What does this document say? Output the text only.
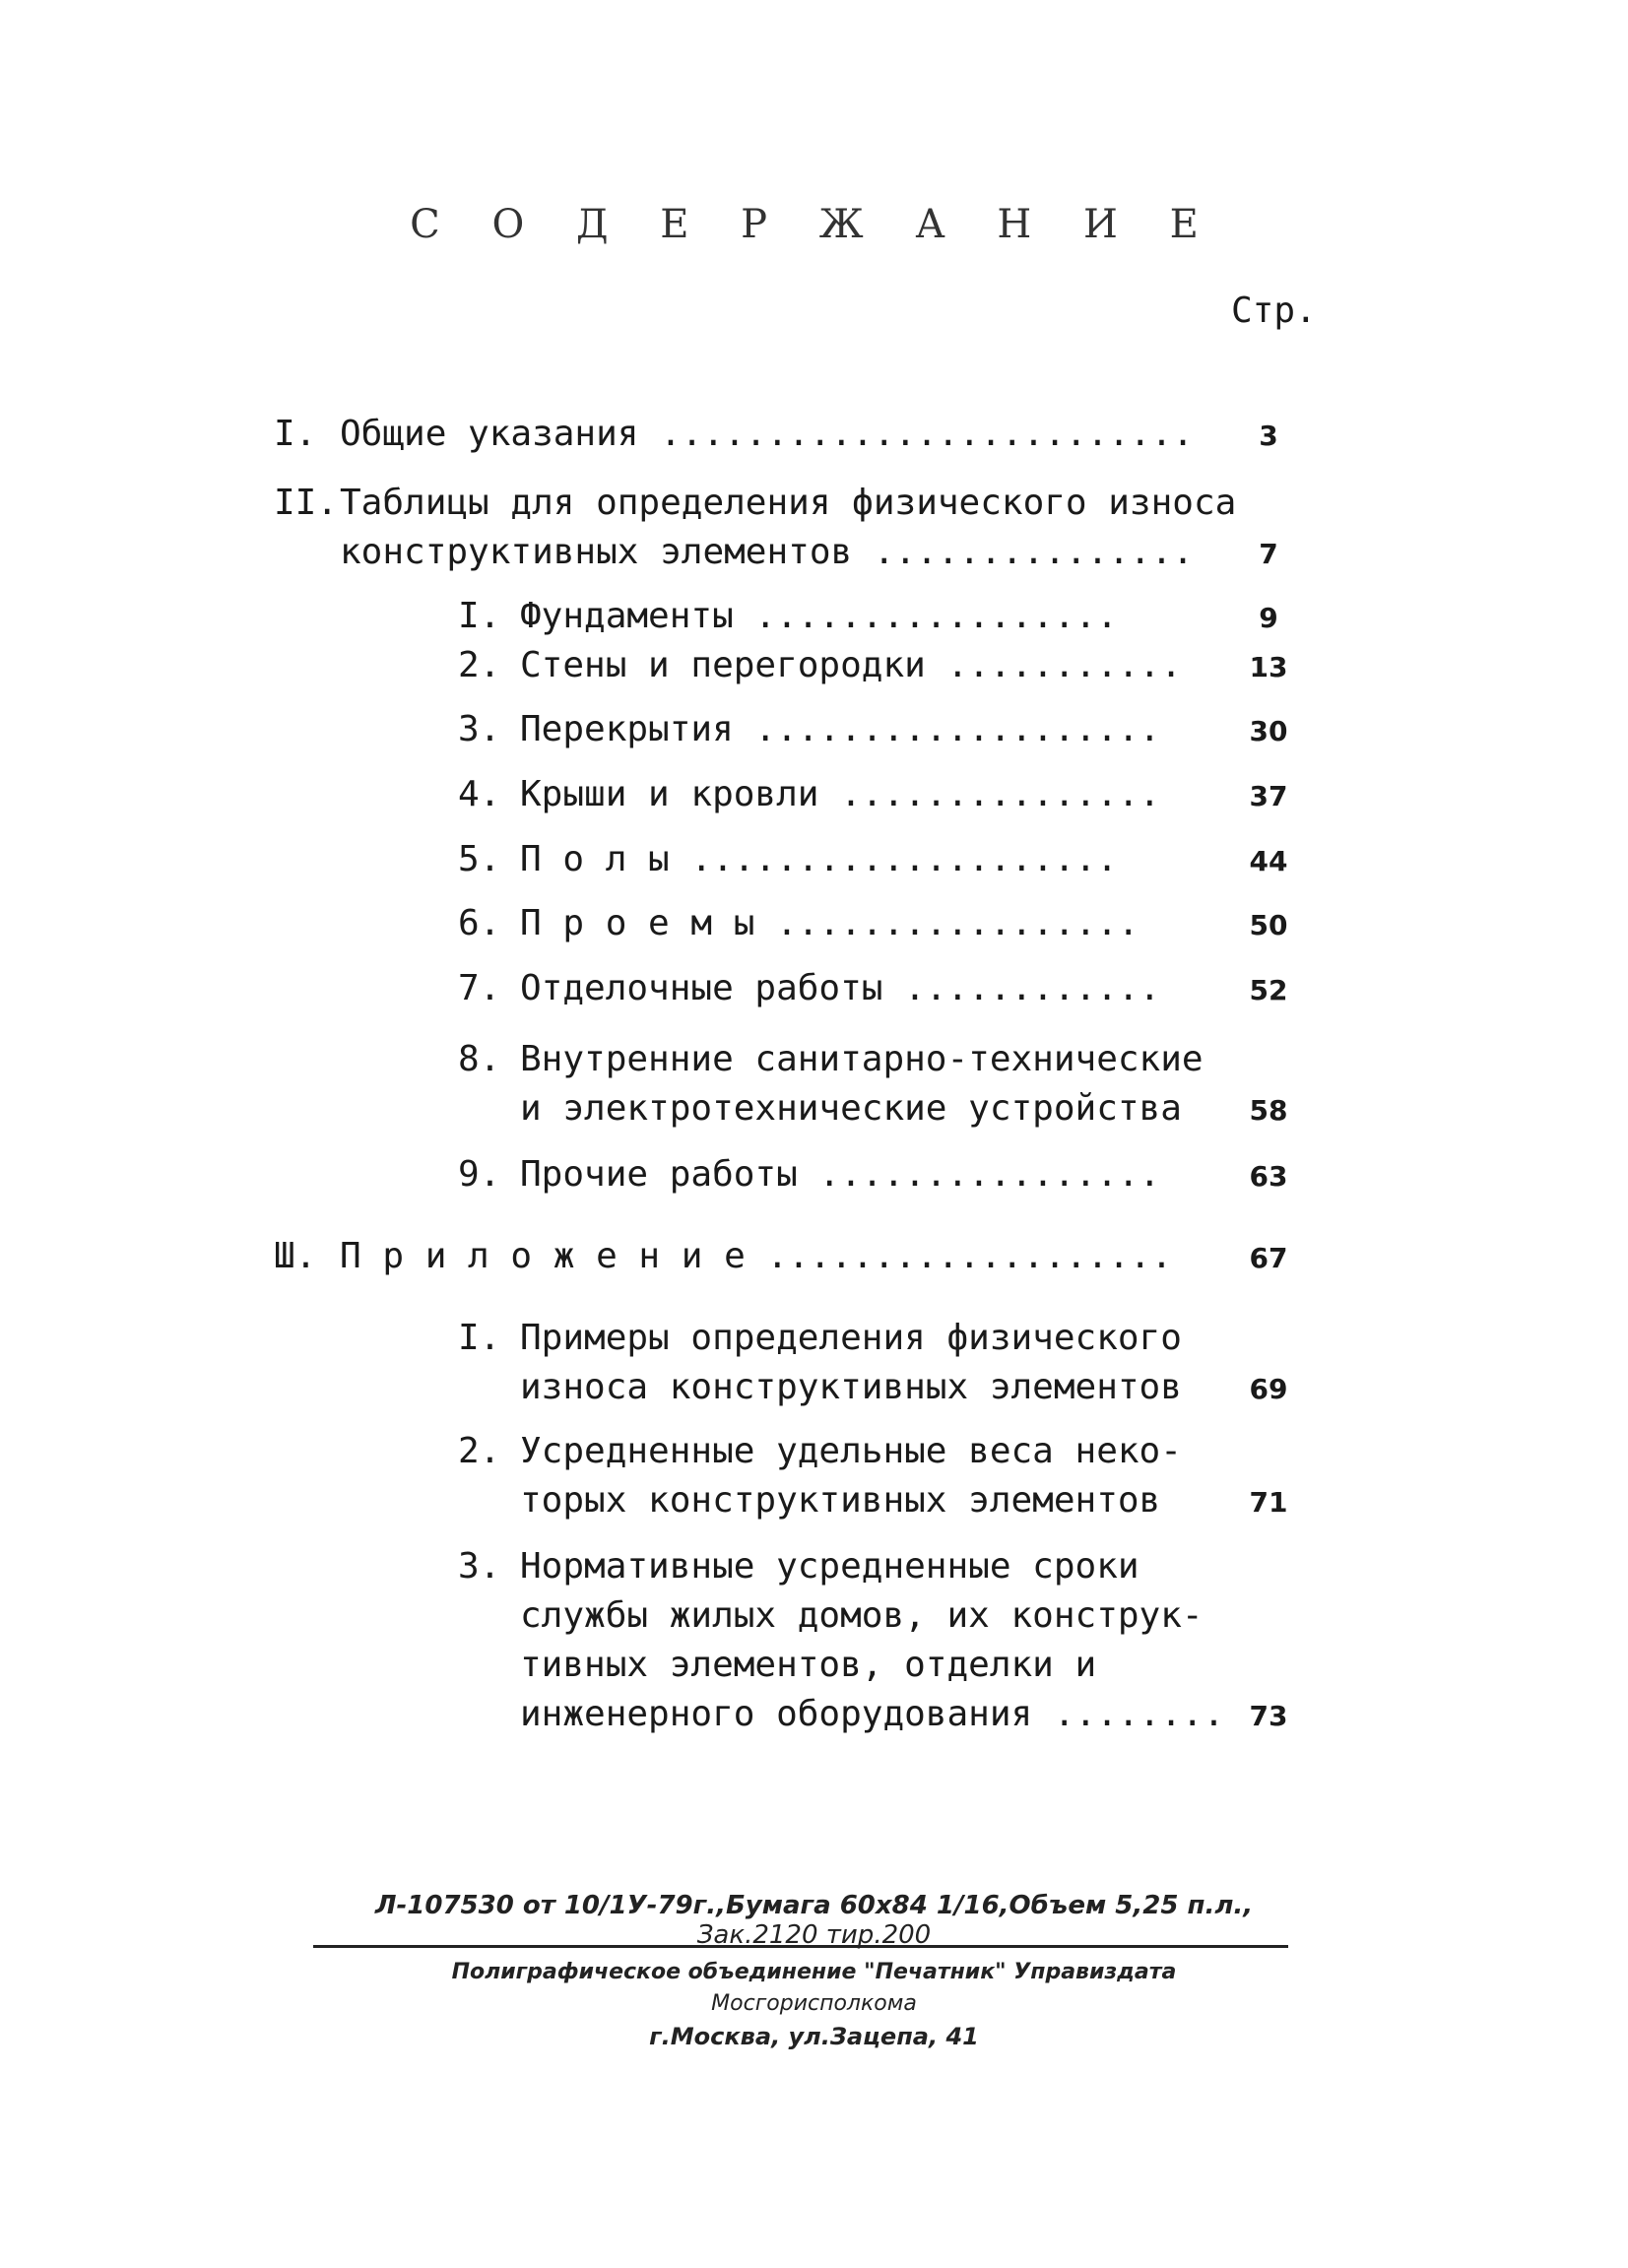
С О Д Е Р Ж А Н И Е
Стр.
I. Общие указания .........................	3
II. Таблицы для определения физического износа
конструктивных элементов ...............	7
I. Фундаменты .................	9
2. Стены и перегородки ...........	13
3. Перекрытия ...................	30
4. Крыши и кровли ...............	37
5. П о л ы ....................	44
6. П р о е м ы .................	50
7. Отделочные работы ............	52
8. Внутренние санитарно-технические
и электротехнические устройства	58
9. Прочие работы ................	63
Ш. П р и л о ж е н и е ...................	67
I. Примеры определения физического
износа конструктивных элементов	69
2. Усредненные удельные веса неко-
торых конструктивных элементов	71
3. Нормативные усредненные сроки
службы жилых домов, их конструк-
тивных элементов, отделки и
инженерного оборудования ........ 73
Л-107530 от 10/1У-79г.,Бумага 60х84 1/16,Объем 5,25 п.л.,
Зак.2120 тир.200
Полиграфическое объединение "Печатник" Управиздата
Мосгорисполкома
г.Москва, ул.Зацепа, 41
